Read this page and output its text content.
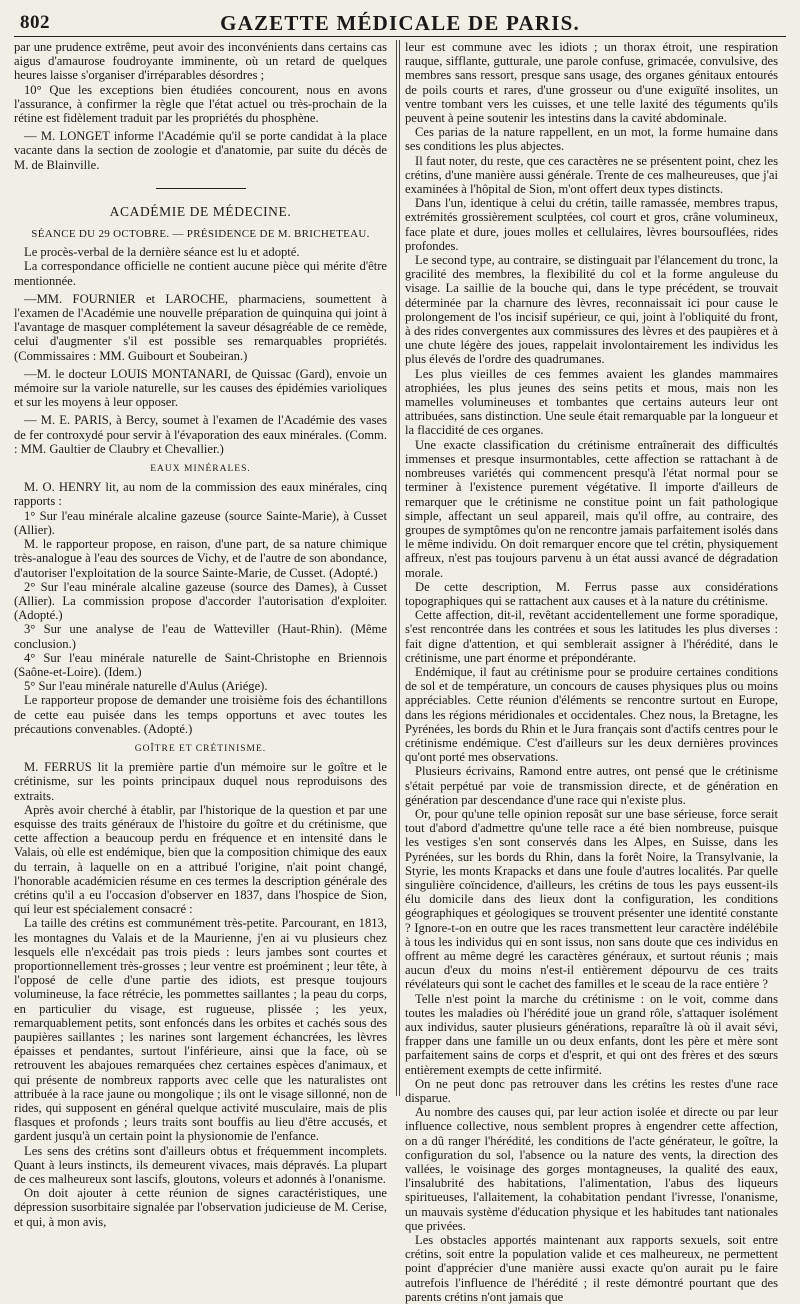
802	GAZETTE MÉDICALE DE PARIS.

par une prudence extrême, peut avoir des inconvénients dans certains cas aigus d'amaurose foudroyante imminente, où un retard de quelques heures laisse s'organiser d'irréparables désordres ;

10° Que les exceptions bien étudiées concourent, nous en avons l'assurance, à confirmer la règle que l'état actuel ou très-prochain de la rétine est fidèlement traduit par les propriétés du phosphène.

— M. LONGET informe l'Académie qu'il se porte candidat à la place vacante dans la section de zoologie et d'anatomie, par suite du décès de M. de Blainville.

ACADÉMIE DE MÉDECINE.

SÉANCE DU 29 OCTOBRE. — PRÉSIDENCE DE M. BRICHETEAU.

Le procès-verbal de la dernière séance est lu et adopté.

La correspondance officielle ne contient aucune pièce qui mérite d'être mentionnée.

—MM. FOURNIER et LAROCHE, pharmaciens, soumettent à l'examen de l'Académie une nouvelle préparation de quinquina qui joint à l'avantage de masquer complétement la saveur désagréable de ce remède, celui d'augmenter s'il est possible ses remarquables propriétés. (Commissaires : MM. Guibourt et Soubeiran.)

—M. le docteur LOUIS MONTANARI, de Quissac (Gard), envoie un mémoire sur la variole naturelle, sur les causes des épidémies varioliques et sur les moyens à leur opposer.

— M. E. PARIS, à Bercy, soumet à l'examen de l'Académie des vases de fer controxydé pour servir à l'évaporation des eaux minérales. (Comm. : MM. Gaultier de Claubry et Chevallier.)

EAUX MINÉRALES.

M. O. HENRY lit, au nom de la commission des eaux minérales, cinq rapports :

1° Sur l'eau minérale alcaline gazeuse (source Sainte-Marie), à Cusset (Allier).

M. le rapporteur propose, en raison, d'une part, de sa nature chimique très-analogue à l'eau des sources de Vichy, et de l'autre de son abondance, d'autoriser l'exploitation de la source Sainte-Marie, de Cusset. (Adopté.)

2° Sur l'eau minérale alcaline gazeuse (source des Dames), à Cusset (Allier). La commission propose d'accorder l'autorisation d'exploiter. (Adopté.)

3° Sur une analyse de l'eau de Watteviller (Haut-Rhin). (Même conclusion.)

4° Sur l'eau minérale naturelle de Saint-Christophe en Briennois (Saône-et-Loire). (Idem.)

5° Sur l'eau minérale naturelle d'Aulus (Ariége).

Le rapporteur propose de demander une troisième fois des échantillons de cette eau puisée dans les temps opportuns et avec toutes les précautions convenables. (Adopté.)

GOÎTRE ET CRÉTINISME.

M. FERRUS lit la première partie d'un mémoire sur le goître et le crétinisme, sur les points principaux duquel nous reproduisons des extraits.

Après avoir cherché à établir, par l'historique de la question et par une esquisse des traits généraux de l'histoire du goître et du crétinisme, que cette affection a beaucoup perdu en fréquence et en intensité dans le Valais, où elle est endémique, bien que la composition chimique des eaux du terrain, à laquelle on en a attribué l'origine, n'ait point changé, l'honorable académicien résume en ces termes la description générale des crétins qu'il a eu l'occasion d'observer en 1837, dans l'hospice de Sion, qui leur est spécialement consacré :

La taille des crétins est communément très-petite. Parcourant, en 1813, les montagnes du Valais et de la Maurienne, j'en ai vu plusieurs chez lesquels elle n'excédait pas trois pieds : leurs jambes sont courtes et proportionnellement très-grosses ; leur ventre est proéminent ; leur tête, à l'opposé de celle d'une partie des idiots, est presque toujours volumineuse, la face rétrécie, les pommettes saillantes ; la peau du corps, en particulier du visage, est rugueuse, plissée ; les yeux, remarquablement petits, sont enfoncés dans les orbites et cachés sous des paupières saillantes ; les narines sont largement échancrées, les lèvres épaisses et pendantes, surtout l'inférieure, ainsi que la face, où se retrouvent les abajoues remarquées chez certaines espèces d'animaux, et qui présente de nombreux rapports avec celle que les naturalistes ont attribuée à la race jaune ou mongolique ; ils ont le visage sillonné, non de rides, qui supposent en général quelque activité musculaire, mais de plis flasques et profonds ; leurs traits sont bouffis au lieu d'être accusés, et gardent jusqu'à un certain point la physionomie de l'enfance.

Les sens des crétins sont d'ailleurs obtus et fréquemment incomplets. Quant à leurs instincts, ils demeurent vivaces, mais dépravés. La plupart de ces malheureux sont lascifs, gloutons, voleurs et adonnés à l'onanisme.

On doit ajouter à cette réunion de signes caractéristiques, une dépression susorbitaire signalée par l'observation judicieuse de M. Cerise, et qui, à mon avis,

leur est commune avec les idiots ; un thorax étroit, une respiration rauque, sifflante, gutturale, une parole confuse, grimacée, convulsive, des membres sans ressort, presque sans usage, des organes génitaux entourés de poils courts et rares, d'une grosseur ou d'une exiguïté insolites, un ventre tombant vers les cuisses, et une telle laxité des téguments qu'ils peuvent à peine soutenir les intestins dans la cavité abdominale.

Ces parias de la nature rappellent, en un mot, la forme humaine dans ses conditions les plus abjectes.

Il faut noter, du reste, que ces caractères ne se présentent point, chez les crétins, d'une manière aussi générale. Trente de ces malheureuses, que j'ai examinées à l'hôpital de Sion, m'ont offert deux types distincts.

Dans l'un, identique à celui du crétin, taille ramassée, membres trapus, extrémités grossièrement sculptées, col court et gros, crâne volumineux, face plate et dure, joues molles et cellulaires, lèvres boursouflées, rides profondes.

Le second type, au contraire, se distinguait par l'élancement du tronc, la gracilité des membres, la flexibilité du col et la forme anguleuse du visage. La saillie de la bouche qui, dans le type précédent, se trouvait déterminée par la charnure des lèvres, reconnaissait ici pour cause le prolongement de l'os incisif supérieur, ce qui, joint à l'obliquité du front, à des rides convergentes aux commissures des lèvres et des paupières et à une chute légère des joues, rappelait involontairement les individus les plus élevés de l'ordre des quadrumanes.

Les plus vieilles de ces femmes avaient les glandes mammaires atrophiées, les plus jeunes des seins petits et mous, mais non les mamelles volumineuses et tombantes que certains auteurs leur ont attribuées, sans distinction. Une seule était remarquable par la longueur et la flaccidité de ces organes.

Une exacte classification du crétinisme entraînerait des difficultés immenses et presque insurmontables, cette affection se rattachant à de nombreuses variétés qui commencent presqu'à l'état normal pour se terminer à l'existence purement végétative. Il importe d'ailleurs de remarquer que le crétinisme ne constitue point un fait pathologique simple, affectant un seul appareil, mais qu'il offre, au contraire, des groupes de symptômes qu'on ne rencontre jamais parfaitement isolés dans le même individu. On doit remarquer encore que tel crétin, physiquement affreux, n'est pas toujours parvenu à un état aussi avancé de dégradation morale.

De cette description, M. Ferrus passe aux considérations topographiques qui se rattachent aux causes et à la nature du crétinisme.

Cette affection, dit-il, revêtant accidentellement une forme sporadique, s'est rencontrée dans les contrées et sous les latitudes les plus diverses : fait digne d'attention, et qui semblerait assigner à l'hérédité, dans le crétinisme, une part énorme et prépondérante.

Endémique, il faut au crétinisme pour se produire certaines conditions de sol et de température, un concours de causes physiques plus ou moins appréciables. Cette réunion d'éléments se rencontre surtout en Europe, dans les régions méridionales et occidentales. Chez nous, la Bretagne, les Pyrénées, les bords du Rhin et le Jura français sont d'actifs centres pour le crétinisme endémique. C'est d'ailleurs sur les deux dernières provinces qu'ont porté mes observations.

Plusieurs écrivains, Ramond entre autres, ont pensé que le crétinisme s'était perpétué par voie de transmission directe, et de génération en génération par descendance d'une race qui n'existe plus.

Or, pour qu'une telle opinion reposât sur une base sérieuse, force serait tout d'abord d'admettre qu'une telle race a été bien nombreuse, puisque les vestiges s'en sont conservés dans les Alpes, en Suisse, dans les Pyrénées, sur les bords du Rhin, dans la forêt Noire, la Transylvanie, la Styrie, les monts Krapacks et dans une foule d'autres localités. Par quelle singulière coïncidence, d'ailleurs, les crétins de tous les pays eussent-ils élu domicile dans des lieux dont la configuration, les conditions géographiques et géologiques se trouvent présenter une identité constante ? Ignore-t-on en outre que les races transmettent leur caractère indélébile à tous les individus qui en sont issus, non sans doute que ces individus en offrent au même degré les caractères généraux, et surtout réunis ; mais aucun d'eux du moins n'est-il entièrement dépourvu de ces traits révélateurs qui sont le cachet des familles et le sceau de la race entière ?

Telle n'est point la marche du crétinisme : on le voit, comme dans toutes les maladies où l'hérédité joue un grand rôle, s'attaquer isolément aux individus, sauter plusieurs générations, reparaître là où il avait sévi, frapper dans une famille un ou deux enfants, dont les père et mère sont parfaitement sains de corps et d'esprit, et qui ont des frères et des sœurs entièrement exempts de cette infirmité.

On ne peut donc pas retrouver dans les crétins les restes d'une race disparue.

Au nombre des causes qui, par leur action isolée et directe ou par leur influence collective, nous semblent propres à engendrer cette affection, on a dû ranger l'hérédité, les conditions de l'acte générateur, le goître, la configuration du sol, l'absence ou la nature des vents, la direction des vallées, le voisinage des gorges montagneuses, la qualité des eaux, l'insalubrité des habitations, l'alimentation, l'abus des liqueurs spiritueuses, l'allaitement, la cohabitation pendant l'ivresse, l'onanisme, un mauvais système d'éducation physique et les habitudes tant nationales que privées.

Les obstacles apportés maintenant aux rapports sexuels, soit entre crétins, soit entre la population valide et ces malheureux, ne permettent point d'apprécier d'une manière aussi exacte qu'on aurait pu le faire autrefois l'influence de l'hérédité ; il reste démontré pourtant que des parents crétins n'ont jamais que
